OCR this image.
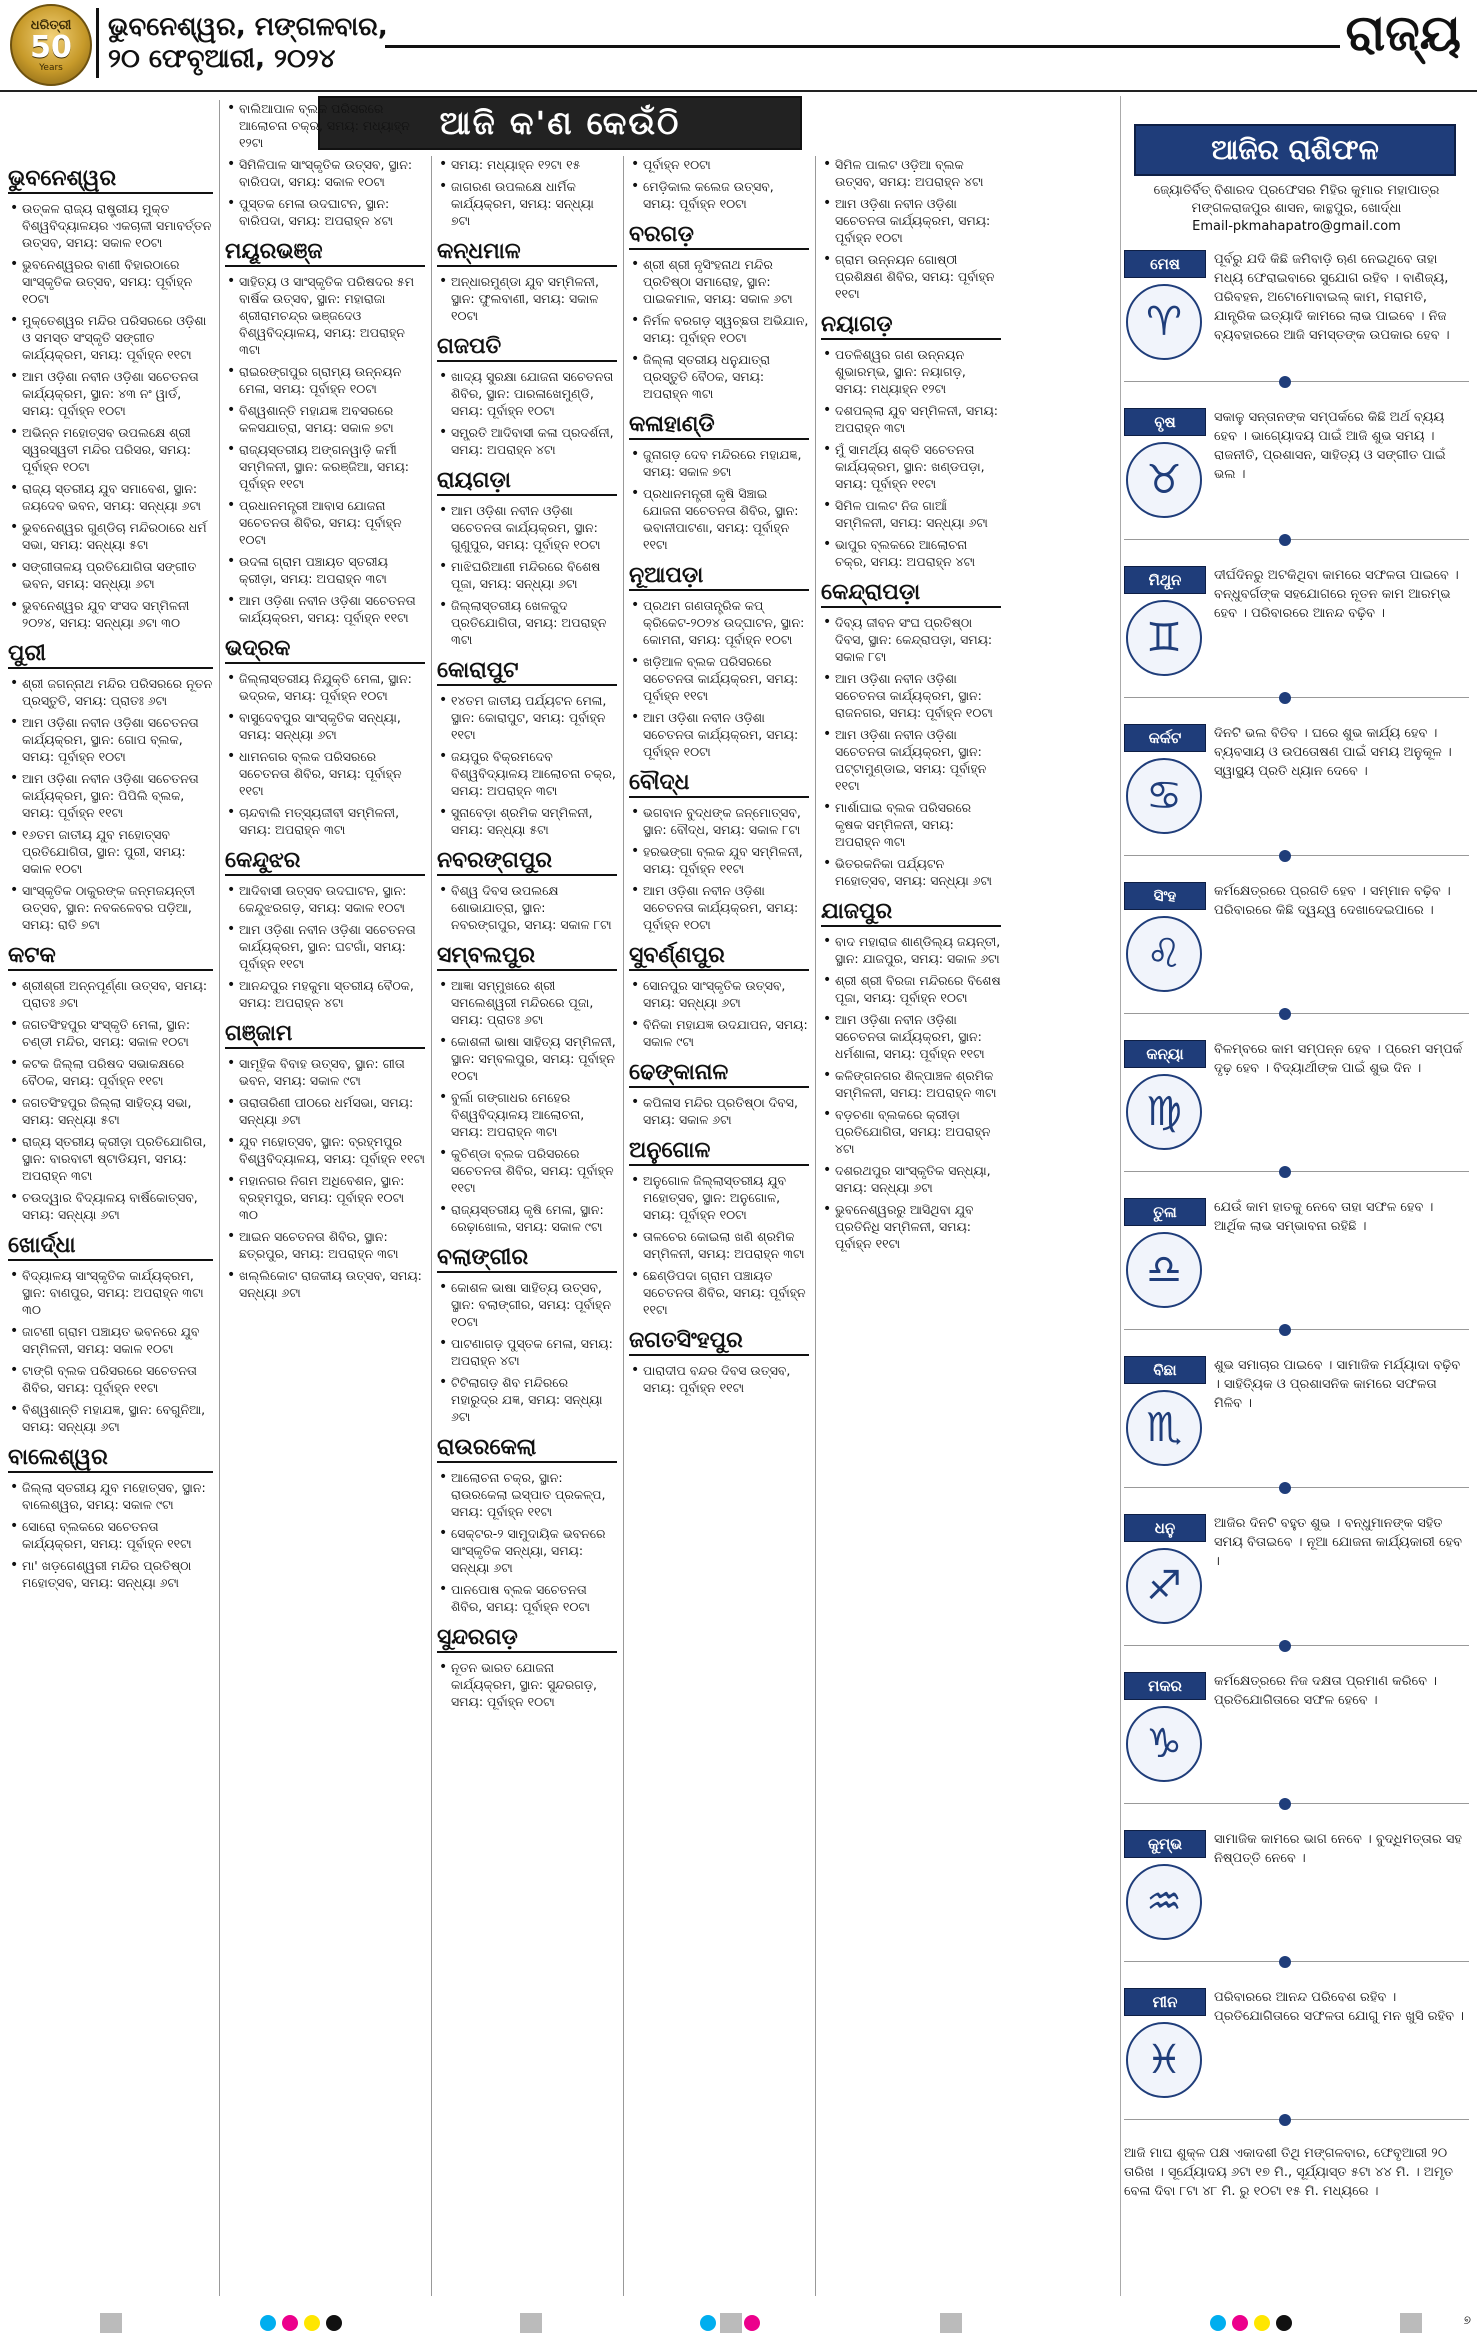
ଧରିତ୍ରୀ
50
Years
ଭୁବନେଶ୍ୱର, ମଙ୍ଗଳବାର,
୨୦ ଫେବୃଆରୀ, ୨୦୨୪	ରାଜ୍ୟ
ଆଜି କ'ଣ କେଉଁଠି
ଭୁବନେଶ୍ୱର
• ଉତ୍କଳ ରାଜ୍ୟ ରାଷ୍ଟ୍ରୀୟ ମୁକ୍ତ ବିଶ୍ୱବିଦ୍ୟାଳୟର ଏକଚାଳୀ ସମାବର୍ତ୍ତନ ଉତ୍ସବ, ସମୟ: ସକାଳ ୧୦ଟା
• ଭୁବନେଶ୍ୱରର ବାଣୀ ବିହାରଠାରେ ସାଂସ୍କୃତିକ ଉତ୍ସବ, ସମୟ: ପୂର୍ବାହ୍ନ ୧୦ଟା
• ମୁକ୍ତେଶ୍ୱର ମନ୍ଦିର ପରିସରରେ ଓଡ଼ିଶା ଓ ସମସ୍ତ ସଂସ୍କୃତି ସଙ୍ଗୀତ କାର୍ଯ୍ୟକ୍ରମ, ସମୟ: ପୂର୍ବାହ୍ନ ୧୧ଟା
• ଆମ ଓଡ଼ିଶା ନବୀନ ଓଡ଼ିଶା ସଚେତନତା କାର୍ଯ୍ୟକ୍ରମ, ସ୍ଥାନ: ୪୩ ନଂ ୱାର୍ଡ, ସମୟ: ପୂର୍ବାହ୍ନ ୧୦ଟା
• ଅଭିନ୍ନ ମହୋତ୍ସବ ଉପଲକ୍ଷେ ଶ୍ରୀ ସ୍ୱରସ୍ୱତୀ ମନ୍ଦିର ପରିସର, ସମୟ: ପୂର୍ବାହ୍ନ ୧୦ଟା
• ରାଜ୍ୟ ସ୍ତରୀୟ ଯୁବ ସମାବେଶ, ସ୍ଥାନ: ଜୟଦେବ ଭବନ, ସମୟ: ସନ୍ଧ୍ୟା ୬ଟା
• ଭୁବନେଶ୍ୱର ଗୁଣ୍ଡିଚା ମନ୍ଦିରଠାରେ ଧର୍ମ ସଭା, ସମୟ: ସନ୍ଧ୍ୟା ୫ଟା
• ସଙ୍ଗୀତାଳୟ ପ୍ରତିଯୋଗିତା ସଙ୍ଗୀତ ଭବନ, ସମୟ: ସନ୍ଧ୍ୟା ୬ଟା
• ଭୁବନେଶ୍ୱର ଯୁବ ସଂସଦ ସମ୍ମିଳନୀ ୨୦୨୪, ସମୟ: ସନ୍ଧ୍ୟା ୬ଟା ୩୦
ପୁରୀ
• ଶ୍ରୀ ଜଗନ୍ନାଥ ମନ୍ଦିର ପରିସରରେ ନୂତନ ପ୍ରସ୍ତୁତି, ସମୟ: ପ୍ରାତଃ ୬ଟା
• ଆମ ଓଡ଼ିଶା ନବୀନ ଓଡ଼ିଶା ସଚେତନତା କାର୍ଯ୍ୟକ୍ରମ, ସ୍ଥାନ: ଗୋପ ବ୍ଲକ, ସମୟ: ପୂର୍ବାହ୍ନ ୧୦ଟା
• ଆମ ଓଡ଼ିଶା ନବୀନ ଓଡ଼ିଶା ସଚେତନତା କାର୍ଯ୍ୟକ୍ରମ, ସ୍ଥାନ: ପିପିଲି ବ୍ଲକ, ସମୟ: ପୂର୍ବାହ୍ନ ୧୧ଟା
• ୧୬ତମ ଜାତୀୟ ଯୁବ ମହୋତ୍ସବ ପ୍ରତିଯୋଗିତା, ସ୍ଥାନ: ପୁରୀ, ସମୟ: ସକାଳ ୧୦ଟା
• ସାଂସ୍କୃତିକ ଠାକୁରଙ୍କ ଜନ୍ମଜୟନ୍ତୀ ଉତ୍ସବ, ସ୍ଥାନ: ନବକଳେବର ପଡ଼ିଆ, ସମୟ: ରାତି ୭ଟା
କଟକ
• ଶ୍ରୀଶ୍ରୀ ଅନ୍ନପୂର୍ଣ୍ଣା ଉତ୍ସବ, ସମୟ: ପ୍ରାତଃ ୬ଟା
• ଜଗତସିଂହପୁର ସଂସ୍କୃତି ମେଳା, ସ୍ଥାନ: ଚଣ୍ଡୀ ମନ୍ଦିର, ସମୟ: ସକାଳ ୧୦ଟା
• କଟକ ଜିଲ୍ଲା ପରିଷଦ ସଭାକକ୍ଷରେ ବୈଠକ, ସମୟ: ପୂର୍ବାହ୍ନ ୧୧ଟା
• ଜଗତସିଂହପୁର ଜିଲ୍ଲା ସାହିତ୍ୟ ସଭା, ସମୟ: ସନ୍ଧ୍ୟା ୫ଟା
• ରାଜ୍ୟ ସ୍ତରୀୟ କ୍ରୀଡ଼ା ପ୍ରତିଯୋଗିତା, ସ୍ଥାନ: ବାରବାଟୀ ଷ୍ଟାଡିୟମ, ସମୟ: ଅପରାହ୍ନ ୩ଟା
• ଚଉଦ୍ୱାର ବିଦ୍ୟାଳୟ ବାର୍ଷିକୋତ୍ସବ, ସମୟ: ସନ୍ଧ୍ୟା ୬ଟା
ଖୋର୍ଦ୍ଧା
• ବିଦ୍ୟାଳୟ ସାଂସ୍କୃତିକ କାର୍ଯ୍ୟକ୍ରମ, ସ୍ଥାନ: ବାଣପୁର, ସମୟ: ଅପରାହ୍ନ ୩ଟା ୩୦
• ଜାଟଣୀ ଗ୍ରାମ ପଞ୍ଚାୟତ ଭବନରେ ଯୁବ ସମ୍ମିଳନୀ, ସମୟ: ସକାଳ ୧୦ଟା
• ଟାଙ୍ଗି ବ୍ଲକ ପରିସରରେ ସଚେତନତା ଶିବିର, ସମୟ: ପୂର୍ବାହ୍ନ ୧୧ଟା
• ବିଶ୍ୱଶାନ୍ତି ମହାଯଜ୍ଞ, ସ୍ଥାନ: ବେଗୁନିଆ, ସମୟ: ସନ୍ଧ୍ୟା ୬ଟା
ବାଲେଶ୍ୱର
• ଜିଲ୍ଲା ସ୍ତରୀୟ ଯୁବ ମହୋତ୍ସବ, ସ୍ଥାନ: ବାଲେଶ୍ୱର, ସମୟ: ସକାଳ ୯ଟା
• ସୋରୋ ବ୍ଲକରେ ସଚେତନତା କାର୍ଯ୍ୟକ୍ରମ, ସମୟ: ପୂର୍ବାହ୍ନ ୧୧ଟା
• ମା' ଖଡ଼ଗେଶ୍ୱରୀ ମନ୍ଦିର ପ୍ରତିଷ୍ଠା ମହୋତ୍ସବ, ସମୟ: ସନ୍ଧ୍ୟା ୬ଟା
• ବାଲିଆପାଳ ବ୍ଲକ ପରିସରରେ ଆଲୋଚନା ଚକ୍ର, ସମୟ: ମଧ୍ୟାହ୍ନ ୧୨ଟା
• ସିମିଳିପାଳ ସାଂସ୍କୃତିକ ଉତ୍ସବ, ସ୍ଥାନ: ବାରିପଦା, ସମୟ: ସକାଳ ୧୦ଟା
• ପୁସ୍ତକ ମେଳା ଉଦଘାଟନ, ସ୍ଥାନ: ବାରିପଦା, ସମୟ: ଅପରାହ୍ନ ୪ଟା
ମୟୂରଭଞ୍ଜ
• ସାହିତ୍ୟ ଓ ସାଂସ୍କୃତିକ ପରିଷଦର ୫ମ ବାର୍ଷିକ ଉତ୍ସବ, ସ୍ଥାନ: ମହାରାଜା ଶ୍ରୀରାମଚନ୍ଦ୍ର ଭଞ୍ଜଦେଓ ବିଶ୍ୱବିଦ୍ୟାଳୟ, ସମୟ: ଅପରାହ୍ନ ୩ଟା
• ରାଇରଙ୍ଗପୁର ଗ୍ରାମ୍ୟ ଉନ୍ନୟନ ମେଳା, ସମୟ: ପୂର୍ବାହ୍ନ ୧୦ଟା
• ବିଶ୍ୱଶାନ୍ତି ମହାଯଜ୍ଞ ଅବସରରେ କଳସଯାତ୍ରା, ସମୟ: ସକାଳ ୭ଟା
• ରାଜ୍ୟସ୍ତରୀୟ ଅଙ୍ଗନୱାଡ଼ି କର୍ମୀ ସମ୍ମିଳନୀ, ସ୍ଥାନ: କରଞ୍ଜିଆ, ସମୟ: ପୂର୍ବାହ୍ନ ୧୧ଟା
• ପ୍ରଧାନମନ୍ତ୍ରୀ ଆବାସ ଯୋଜନା ସଚେତନତା ଶିବିର, ସମୟ: ପୂର୍ବାହ୍ନ ୧୦ଟା
• ଉଦଳା ଗ୍ରାମ ପଞ୍ଚାୟତ ସ୍ତରୀୟ କ୍ରୀଡ଼ା, ସମୟ: ଅପରାହ୍ନ ୩ଟା
• ଆମ ଓଡ଼ିଶା ନବୀନ ଓଡ଼ିଶା ସଚେତନତା କାର୍ଯ୍ୟକ୍ରମ, ସମୟ: ପୂର୍ବାହ୍ନ ୧୧ଟା
ଭଦ୍ରକ
• ଜିଲ୍ଲାସ୍ତରୀୟ ନିଯୁକ୍ତି ମେଳା, ସ୍ଥାନ: ଭଦ୍ରକ, ସମୟ: ପୂର୍ବାହ୍ନ ୧୦ଟା
• ବାସୁଦେବପୁର ସାଂସ୍କୃତିକ ସନ୍ଧ୍ୟା, ସମୟ: ସନ୍ଧ୍ୟା ୬ଟା
• ଧାମନଗର ବ୍ଲକ ପରିସରରେ ସଚେତନତା ଶିବିର, ସମୟ: ପୂର୍ବାହ୍ନ ୧୧ଟା
• ଚାନ୍ଦବାଲି ମତ୍ସ୍ୟଜୀବୀ ସମ୍ମିଳନୀ, ସମୟ: ଅପରାହ୍ନ ୩ଟା
କେନ୍ଦୁଝର
• ଆଦିବାସୀ ଉତ୍ସବ ଉଦଘାଟନ, ସ୍ଥାନ: କେନ୍ଦୁଝରଗଡ଼, ସମୟ: ସକାଳ ୧୦ଟା
• ଆମ ଓଡ଼ିଶା ନବୀନ ଓଡ଼ିଶା ସଚେତନତା କାର୍ଯ୍ୟକ୍ରମ, ସ୍ଥାନ: ଘଟଗାଁ, ସମୟ: ପୂର୍ବାହ୍ନ ୧୧ଟା
• ଆନନ୍ଦପୁର ମହକୁମା ସ୍ତରୀୟ ବୈଠକ, ସମୟ: ଅପରାହ୍ନ ୪ଟା
ଗଞ୍ଜାମ
• ସାମୂହିକ ବିବାହ ଉତ୍ସବ, ସ୍ଥାନ: ଗୀତା ଭବନ, ସମୟ: ସକାଳ ୯ଟା
• ତାରାତାରିଣୀ ପୀଠରେ ଧର୍ମସଭା, ସମୟ: ସନ୍ଧ୍ୟା ୬ଟା
• ଯୁବ ମହୋତ୍ସବ, ସ୍ଥାନ: ବ୍ରହ୍ମପୁର ବିଶ୍ୱବିଦ୍ୟାଳୟ, ସମୟ: ପୂର୍ବାହ୍ନ ୧୧ଟା
• ମହାନଗର ନିଗମ ଅଧିବେଶନ, ସ୍ଥାନ: ବ୍ରହ୍ମପୁର, ସମୟ: ପୂର୍ବାହ୍ନ ୧୦ଟା ୩୦
• ଆଇନ ସଚେତନତା ଶିବିର, ସ୍ଥାନ: ଛତ୍ରପୁର, ସମୟ: ଅପରାହ୍ନ ୩ଟା
• ଖଲ୍ଲିକୋଟ ରାଜକୀୟ ଉତ୍ସବ, ସମୟ: ସନ୍ଧ୍ୟା ୬ଟା
• ସମୟ: ମଧ୍ୟାହ୍ନ ୧୨ଟା ୧୫
• ଜାଗରଣ ଉପଲକ୍ଷେ ଧାର୍ମିକ କାର୍ଯ୍ୟକ୍ରମ, ସମୟ: ସନ୍ଧ୍ୟା ୭ଟା
କନ୍ଧମାଳ
• ଅନ୍ଧାରମୁଣ୍ଡା ଯୁବ ସମ୍ମିଳନୀ, ସ୍ଥାନ: ଫୁଲବାଣୀ, ସମୟ: ସକାଳ ୧୦ଟା
ଗଜପତି
• ଖାଦ୍ୟ ସୁରକ୍ଷା ଯୋଜନା ସଚେତନତା ଶିବିର, ସ୍ଥାନ: ପାରଳାଖେମୁଣ୍ଡି, ସମୟ: ପୂର୍ବାହ୍ନ ୧୦ଟା
• ସମ୍ପ୍ରତି ଆଦିବାସୀ କଳା ପ୍ରଦର୍ଶନୀ, ସମୟ: ଅପରାହ୍ନ ୪ଟା
ରାୟଗଡ଼ା
• ଆମ ଓଡ଼ିଶା ନବୀନ ଓଡ଼ିଶା ସଚେତନତା କାର୍ଯ୍ୟକ୍ରମ, ସ୍ଥାନ: ଗୁଣୁପୁର, ସମୟ: ପୂର୍ବାହ୍ନ ୧୦ଟା
• ମାଝିଘରିଆଣୀ ମନ୍ଦିରରେ ବିଶେଷ ପୂଜା, ସମୟ: ସନ୍ଧ୍ୟା ୬ଟା
• ଜିଲ୍ଲାସ୍ତରୀୟ ଖେଳକୁଦ ପ୍ରତିଯୋଗିତା, ସମୟ: ଅପରାହ୍ନ ୩ଟା
କୋରାପୁଟ
• ୧୪ତମ ଜାତୀୟ ପର୍ଯ୍ୟଟନ ମେଳା, ସ୍ଥାନ: କୋରାପୁଟ, ସମୟ: ପୂର୍ବାହ୍ନ ୧୧ଟା
• ଜୟପୁର ବିକ୍ରମଦେବ ବିଶ୍ୱବିଦ୍ୟାଳୟ ଆଲୋଚନା ଚକ୍ର, ସମୟ: ଅପରାହ୍ନ ୩ଟା
• ସୁନାବେଡ଼ା ଶ୍ରମିକ ସମ୍ମିଳନୀ, ସମୟ: ସନ୍ଧ୍ୟା ୫ଟା
ନବରଙ୍ଗପୁର
• ବିଶ୍ୱ ଦିବସ ଉପଲକ୍ଷେ ଶୋଭାଯାତ୍ରା, ସ୍ଥାନ: ନବରଙ୍ଗପୁର, ସମୟ: ସକାଳ ୮ଟା
ସମ୍ବଲପୁର
• ଆଜ୍ଞା ସମ୍ମୁଖରେ ଶ୍ରୀ ସମଲେଶ୍ୱରୀ ମନ୍ଦିରରେ ପୂଜା, ସମୟ: ପ୍ରାତଃ ୬ଟା
• କୋଶଳୀ ଭାଷା ସାହିତ୍ୟ ସମ୍ମିଳନୀ, ସ୍ଥାନ: ସମ୍ବଲପୁର, ସମୟ: ପୂର୍ବାହ୍ନ ୧୦ଟା
• ବୁର୍ଲା ଗଙ୍ଗାଧର ମେହେର ବିଶ୍ୱବିଦ୍ୟାଳୟ ଆଲୋଚନା, ସମୟ: ଅପରାହ୍ନ ୩ଟା
• କୁଚିଣ୍ଡା ବ୍ଲକ ପରିସରରେ ସଚେତନତା ଶିବିର, ସମୟ: ପୂର୍ବାହ୍ନ ୧୧ଟା
• ରାଜ୍ୟସ୍ତରୀୟ କୃଷି ମେଳା, ସ୍ଥାନ: ରେଢ଼ାଖୋଲ, ସମୟ: ସକାଳ ୯ଟା
ବଲାଙ୍ଗୀର
• କୋଶଳ ଭାଷା ସାହିତ୍ୟ ଉତ୍ସବ, ସ୍ଥାନ: ବଲାଙ୍ଗୀର, ସମୟ: ପୂର୍ବାହ୍ନ ୧୦ଟା
• ପାଟଣାଗଡ଼ ପୁସ୍ତକ ମେଳା, ସମୟ: ଅପରାହ୍ନ ୪ଟା
• ଟିଟିଲାଗଡ଼ ଶିବ ମନ୍ଦିରରେ ମହାରୁଦ୍ର ଯଜ୍ଞ, ସମୟ: ସନ୍ଧ୍ୟା ୬ଟା
ରାଉରକେଲା
• ଆଲୋଚନା ଚକ୍ର, ସ୍ଥାନ: ରାଉରକେଲା ଇସ୍ପାତ ପ୍ରକଳ୍ପ, ସମୟ: ପୂର୍ବାହ୍ନ ୧୧ଟା
• ସେକ୍ଟର-୨ ସାମୁଦାୟିକ ଭବନରେ ସାଂସ୍କୃତିକ ସନ୍ଧ୍ୟା, ସମୟ: ସନ୍ଧ୍ୟା ୬ଟା
• ପାନପୋଷ ବ୍ଲକ ସଚେତନତା ଶିବିର, ସମୟ: ପୂର୍ବାହ୍ନ ୧୦ଟା
ସୁନ୍ଦରଗଡ଼
• ନୂତନ ଭାରତ ଯୋଜନା କାର୍ଯ୍ୟକ୍ରମ, ସ୍ଥାନ: ସୁନ୍ଦରଗଡ଼, ସମୟ: ପୂର୍ବାହ୍ନ ୧୦ଟା
• ପୂର୍ବାହ୍ନ ୧୦ଟା
• ମେଡ଼ିକାଲ କଲେଜ ଉତ୍ସବ, ସମୟ: ପୂର୍ବାହ୍ନ ୧୦ଟା
ବରଗଡ଼
• ଶ୍ରୀ ଶ୍ରୀ ନୃସିଂହନାଥ ମନ୍ଦିର ପ୍ରତିଷ୍ଠା ସମାରୋହ, ସ୍ଥାନ: ପାଇକମାଳ, ସମୟ: ସକାଳ ୬ଟା
• ନିର୍ମଳ ବରଗଡ଼ ସ୍ୱଚ୍ଛତା ଅଭିଯାନ, ସମୟ: ପୂର୍ବାହ୍ନ ୧୦ଟା
• ଜିଲ୍ଲା ସ୍ତରୀୟ ଧନୁଯାତ୍ରା ପ୍ରସ୍ତୁତି ବୈଠକ, ସମୟ: ଅପରାହ୍ନ ୩ଟା
କଳାହାଣ୍ଡି
• ଜୁନାଗଡ଼ ଦେବ ମନ୍ଦିରରେ ମହାଯଜ୍ଞ, ସମୟ: ସକାଳ ୭ଟା
• ପ୍ରଧାନମନ୍ତ୍ରୀ କୃଷି ସିଞ୍ଚାଇ ଯୋଜନା ସଚେତନତା ଶିବିର, ସ୍ଥାନ: ଭବାନୀପାଟଣା, ସମୟ: ପୂର୍ବାହ୍ନ ୧୧ଟା
ନୂଆପଡ଼ା
• ପ୍ରଥମ ଗଣତାନ୍ତ୍ରିକ କପ୍ କ୍ରିକେଟ-୨୦୨୪ ଉଦ୍‌ଘାଟନ, ସ୍ଥାନ: କୋମନା, ସମୟ: ପୂର୍ବାହ୍ନ ୧୦ଟା
• ଖଡ଼ିଆଳ ବ୍ଲକ ପରିସରରେ ସଚେତନତା କାର୍ଯ୍ୟକ୍ରମ, ସମୟ: ପୂର୍ବାହ୍ନ ୧୧ଟା
• ଆମ ଓଡ଼ିଶା ନବୀନ ଓଡ଼ିଶା ସଚେତନତା କାର୍ଯ୍ୟକ୍ରମ, ସମୟ: ପୂର୍ବାହ୍ନ ୧୦ଟା
ବୌଦ୍ଧ
• ଭଗବାନ ବୁଦ୍ଧଙ୍କ ଜନ୍ମୋତ୍ସବ, ସ୍ଥାନ: ବୌଦ୍ଧ, ସମୟ: ସକାଳ ୮ଟା
• ହରଭଙ୍ଗା ବ୍ଲକ ଯୁବ ସମ୍ମିଳନୀ, ସମୟ: ପୂର୍ବାହ୍ନ ୧୧ଟା
• ଆମ ଓଡ଼ିଶା ନବୀନ ଓଡ଼ିଶା ସଚେତନତା କାର୍ଯ୍ୟକ୍ରମ, ସମୟ: ପୂର୍ବାହ୍ନ ୧୦ଟା
ସୁବର୍ଣ୍ଣପୁର
• ସୋନପୁର ସାଂସ୍କୃତିକ ଉତ୍ସବ, ସମୟ: ସନ୍ଧ୍ୟା ୬ଟା
• ବିନିକା ମହାଯଜ୍ଞ ଉଦଯାପନ, ସମୟ: ସକାଳ ୯ଟା
ଢେଙ୍କାନାଳ
• କପିଳାସ ମନ୍ଦିର ପ୍ରତିଷ୍ଠା ଦିବସ, ସମୟ: ସକାଳ ୬ଟା
ଅନୁଗୋଳ
• ଅନୁଗୋଳ ଜିଲ୍ଲାସ୍ତରୀୟ ଯୁବ ମହୋତ୍ସବ, ସ୍ଥାନ: ଅନୁଗୋଳ, ସମୟ: ପୂର୍ବାହ୍ନ ୧୦ଟା
• ତାଳଚେର କୋଇଲା ଖଣି ଶ୍ରମିକ ସମ୍ମିଳନୀ, ସମୟ: ଅପରାହ୍ନ ୩ଟା
• ଛେଣ୍ଡିପଦା ଗ୍ରାମ ପଞ୍ଚାୟତ ସଚେତନତା ଶିବିର, ସମୟ: ପୂର୍ବାହ୍ନ ୧୧ଟା
ଜଗତସିଂହପୁର
• ପାରାଦୀପ ବନ୍ଦର ଦିବସ ଉତ୍ସବ, ସମୟ: ପୂର୍ବାହ୍ନ ୧୧ଟା
• ସିମିଳ ପାଲଟ ଓଡ଼ିଆ ବ୍ଲକ ଉତ୍ସବ, ସମୟ: ଅପରାହ୍ନ ୪ଟା
• ଆମ ଓଡ଼ିଶା ନବୀନ ଓଡ଼ିଶା ସଚେତନତା କାର୍ଯ୍ୟକ୍ରମ, ସମୟ: ପୂର୍ବାହ୍ନ ୧୦ଟା
• ଗ୍ରାମ ଉନ୍ନୟନ ଗୋଷ୍ଠୀ ପ୍ରଶିକ୍ଷଣ ଶିବିର, ସମୟ: ପୂର୍ବାହ୍ନ ୧୧ଟା
ନୟାଗଡ଼
• ପତଳିଶ୍ୱର ଗଣ ଉନ୍ନୟନ ଶୁଭାରମ୍ଭ, ସ୍ଥାନ: ନୟାଗଡ଼, ସମୟ: ମଧ୍ୟାହ୍ନ ୧୨ଟା
• ଦଶପଲ୍ଲା ଯୁବ ସମ୍ମିଳନୀ, ସମୟ: ଅପରାହ୍ନ ୩ଟା
• ମୁଁ ସାମର୍ଥ୍ୟ ଶକ୍ତି ସଚେତନତା କାର୍ଯ୍ୟକ୍ରମ, ସ୍ଥାନ: ଖଣ୍ଡପଡ଼ା, ସମୟ: ପୂର୍ବାହ୍ନ ୧୧ଟା
• ସିମିଳ ପାଲଟ ନିଜ ଗାଆଁ ସମ୍ମିଳନୀ, ସମୟ: ସନ୍ଧ୍ୟା ୬ଟା
• ଭାପୁର ବ୍ଲକରେ ଆଲୋଚନା ଚକ୍ର, ସମୟ: ଅପରାହ୍ନ ୪ଟା
କେନ୍ଦ୍ରାପଡ଼ା
• ଦିବ୍ୟ ଜୀବନ ସଂଘ ପ୍ରତିଷ୍ଠା ଦିବସ, ସ୍ଥାନ: କେନ୍ଦ୍ରାପଡ଼ା, ସମୟ: ସକାଳ ୮ଟା
• ଆମ ଓଡ଼ିଶା ନବୀନ ଓଡ଼ିଶା ସଚେତନତା କାର୍ଯ୍ୟକ୍ରମ, ସ୍ଥାନ: ରାଜନଗର, ସମୟ: ପୂର୍ବାହ୍ନ ୧୦ଟା
• ଆମ ଓଡ଼ିଶା ନବୀନ ଓଡ଼ିଶା ସଚେତନତା କାର୍ଯ୍ୟକ୍ରମ, ସ୍ଥାନ: ପଟ୍ଟାମୁଣ୍ଡାଇ, ସମୟ: ପୂର୍ବାହ୍ନ ୧୧ଟା
• ମାର୍ଶାଘାଇ ବ୍ଲକ ପରିସରରେ କୃଷକ ସମ୍ମିଳନୀ, ସମୟ: ଅପରାହ୍ନ ୩ଟା
• ଭିତରକନିକା ପର୍ଯ୍ୟଟନ ମହୋତ୍ସବ, ସମୟ: ସନ୍ଧ୍ୟା ୬ଟା
ଯାଜପୁର
• ବାଦ ମହାରାଜ ଶାଣ୍ଡିଲ୍ୟ ଜୟନ୍ତୀ, ସ୍ଥାନ: ଯାଜପୁର, ସମୟ: ସକାଳ ୬ଟା
• ଶ୍ରୀ ଶ୍ରୀ ବିରଜା ମନ୍ଦିରରେ ବିଶେଷ ପୂଜା, ସମୟ: ପୂର୍ବାହ୍ନ ୧୦ଟା
• ଆମ ଓଡ଼ିଶା ନବୀନ ଓଡ଼ିଶା ସଚେତନତା କାର୍ଯ୍ୟକ୍ରମ, ସ୍ଥାନ: ଧର୍ମଶାଳା, ସମୟ: ପୂର୍ବାହ୍ନ ୧୧ଟା
• କଳିଙ୍ଗନଗର ଶିଳ୍ପାଞ୍ଚଳ ଶ୍ରମିକ ସମ୍ମିଳନୀ, ସମୟ: ଅପରାହ୍ନ ୩ଟା
• ବଡ଼ଚଣା ବ୍ଲକରେ କ୍ରୀଡ଼ା ପ୍ରତିଯୋଗିତା, ସମୟ: ଅପରାହ୍ନ ୪ଟା
• ଦଶରଥପୁର ସାଂସ୍କୃତିକ ସନ୍ଧ୍ୟା, ସମୟ: ସନ୍ଧ୍ୟା ୬ଟା
• ଭୁବନେଶ୍ୱରରୁ ଆସିଥିବା ଯୁବ ପ୍ରତିନିଧି ସମ୍ମିଳନୀ, ସମୟ: ପୂର୍ବାହ୍ନ ୧୧ଟା
ଆଜିର ରାଶିଫଳ
ଜ୍ୟୋତିର୍ବିତ୍‌ ବିଶାରଦ ପ୍ରଫେସର ମିହିର କୁମାର ମହାପାତ୍ର
ମଙ୍ଗଳରାଜପୁର ଶାସନ, କାନ୍ଥପୁର, ଖୋର୍ଦ୍ଧା
Email-pkmahapatro@gmail.com
ଆଜି ମାଘ ଶୁକ୍ଳ ପକ୍ଷ ଏକାଦଶୀ ତିଥି ମଙ୍ଗଳବାର, ଫେବୃଆରୀ ୨୦ ତାରିଖ । ସୂର୍ଯ୍ୟୋଦୟ ୬ଟା ୧୭ ମି., ସୂର୍ଯ୍ୟାସ୍ତ ୫ଟା ୪୪ ମି. । ଅମୃତ ବେଳା ଦିବା ୮ଟା ୪୮ ମି. ରୁ ୧୦ଟା ୧୫ ମି. ମଧ୍ୟରେ ।
ମେଷ
♈
ପୂର୍ବରୁ ଯଦି କିଛି ଜମିବାଡ଼ି ଋଣ ନେଇଥିବେ ତାହା ମଧ୍ୟ ଫେରାଇବାରେ ସୁଯୋଗ ରହିବ । ବାଣିଜ୍ୟ, ପରିବହନ, ଅଟୋମୋବାଇଲ୍ କାମ, ମରାମତି, ଯାନ୍ତ୍ରିକ ଇତ୍ୟାଦି କାମରେ ଲାଭ ପାଇବେ । ନିଜ ବ୍ୟବହାରରେ ଆଜି ସମସ୍ତଙ୍କ ଉପକାର ହେବ ।
ବୃଷ
♉
ସକାଳୁ ସନ୍ତାନଙ୍କ ସମ୍ପର୍କରେ କିଛି ଅର୍ଥ ବ୍ୟୟ ହେବ । ଭାଗ୍ୟୋଦୟ ପାଇଁ ଆଜି ଶୁଭ ସମୟ । ରାଜନୀତି, ପ୍ରଶାସନ, ସାହିତ୍ୟ ଓ ସଙ୍ଗୀତ ପାଇଁ ଭଲ ।
ମିଥୁନ
♊
ଦୀର୍ଘଦିନରୁ ଅଟକିଥିବା କାମରେ ସଫଳତା ପାଇବେ । ବନ୍ଧୁବର୍ଗଙ୍କ ସହଯୋଗରେ ନୂତନ କାମ ଆରମ୍ଭ ହେବ । ପରିବାରରେ ଆନନ୍ଦ ବଢ଼ିବ ।
କର୍କଟ
♋
ଦିନଟି ଭଲ ବିତିବ । ଘରେ ଶୁଭ କାର୍ଯ୍ୟ ହେବ । ବ୍ୟବସାୟ ଓ ଉପତୋଷଣ ପାଇଁ ସମୟ ଅନୁକୂଳ । ସ୍ୱାସ୍ଥ୍ୟ ପ୍ରତି ଧ୍ୟାନ ଦେବେ ।
ସିଂହ
♌
କର୍ମକ୍ଷେତ୍ରରେ ପ୍ରଗତି ହେବ । ସମ୍ମାନ ବଢ଼ିବ । ପରିବାରରେ କିଛି ଦ୍ୱନ୍ଦ୍ୱ ଦେଖାଦେଇପାରେ ।
କନ୍ୟା
♍
ବିଳମ୍ବରେ କାମ ସମ୍ପନ୍ନ ହେବ । ପ୍ରେମ ସମ୍ପର୍କ ଦୃଢ଼ ହେବ । ବିଦ୍ୟାର୍ଥୀଙ୍କ ପାଇଁ ଶୁଭ ଦିନ ।
ତୁଳା
♎
ଯେଉଁ କାମ ହାତକୁ ନେବେ ତାହା ସଫଳ ହେବ । ଆର୍ଥିକ ଲାଭ ସମ୍ଭାବନା ରହିଛି ।
ବିଛା
♏
ଶୁଭ ସମାଚାର ପାଇବେ । ସାମାଜିକ ମର୍ଯ୍ୟାଦା ବଢ଼ିବ । ସାହିତ୍ୟିକ ଓ ପ୍ରଶାସନିକ କାମରେ ସଫଳତା ମିଳିବ ।
ଧନୁ
♐
ଆଜିର ଦିନଟି ବହୁତ ଶୁଭ । ବନ୍ଧୁମାନଙ୍କ ସହିତ ସମୟ ବିତାଇବେ । ନୂଆ ଯୋଜନା କାର୍ଯ୍ୟକାରୀ ହେବ ।
ମକର
♑
କର୍ମକ୍ଷେତ୍ରରେ ନିଜ ଦକ୍ଷତା ପ୍ରମାଣ କରିବେ । ପ୍ରତିଯୋଗିତାରେ ସଫଳ ହେବେ ।
କୁମ୍ଭ
♒
ସାମାଜିକ କାମରେ ଭାଗ ନେବେ । ବୁଦ୍ଧିମତ୍ତାର ସହ ନିଷ୍ପତ୍ତି ନେବେ ।
ମୀନ
♓
ପରିବାରରେ ଆନନ୍ଦ ପରିବେଶ ରହିବ । ପ୍ରତିଯୋଗିତାରେ ସଫଳତା ଯୋଗୁ ମନ ଖୁସି ରହିବ ।
୭
